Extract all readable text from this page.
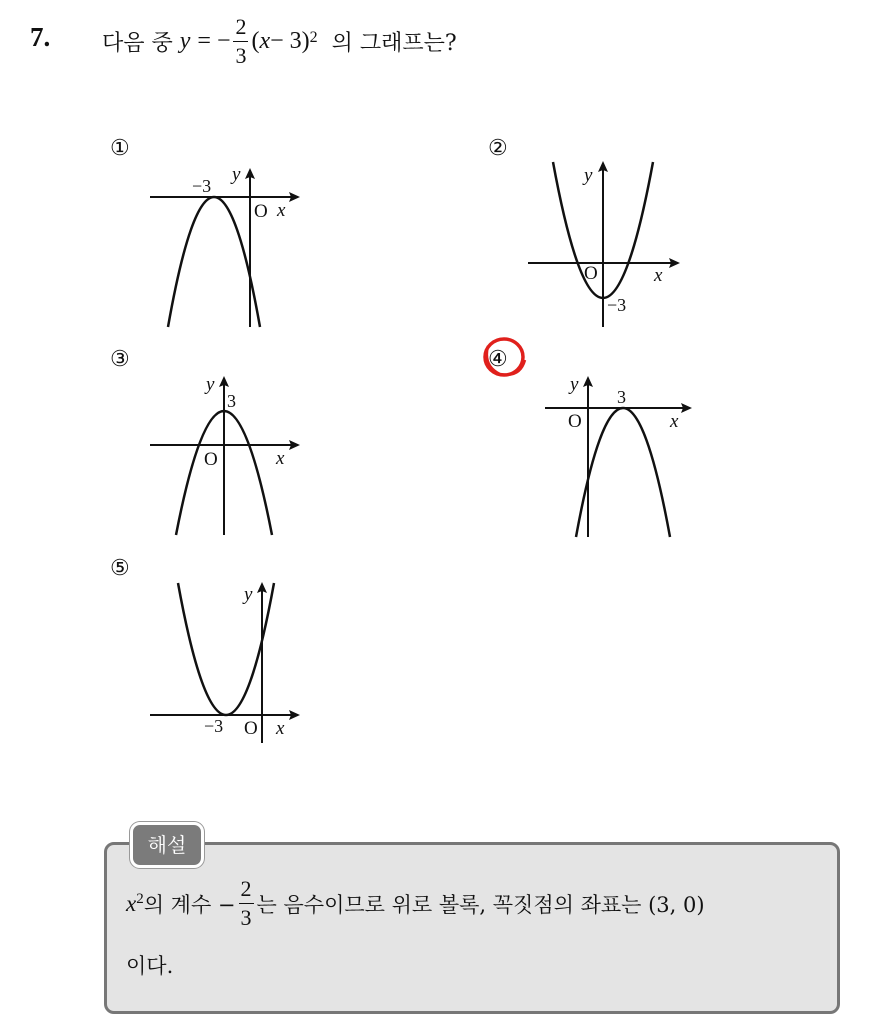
7. 다음 중
y
= − $\frac{2}{3}$ ( x − 3)$^2$
의 그래프는?
①
−3
y
O x
②
y
O	x
−3
③
y
3
O	x
④
y
3
O	x
⑤
y
−3 O x
해설
$x^2$ 의 계수 − $\frac{2}{3}$ 는 음수이므로 위로 볼록, 꼭짓점의 좌표는 (3, 0)
이다.
